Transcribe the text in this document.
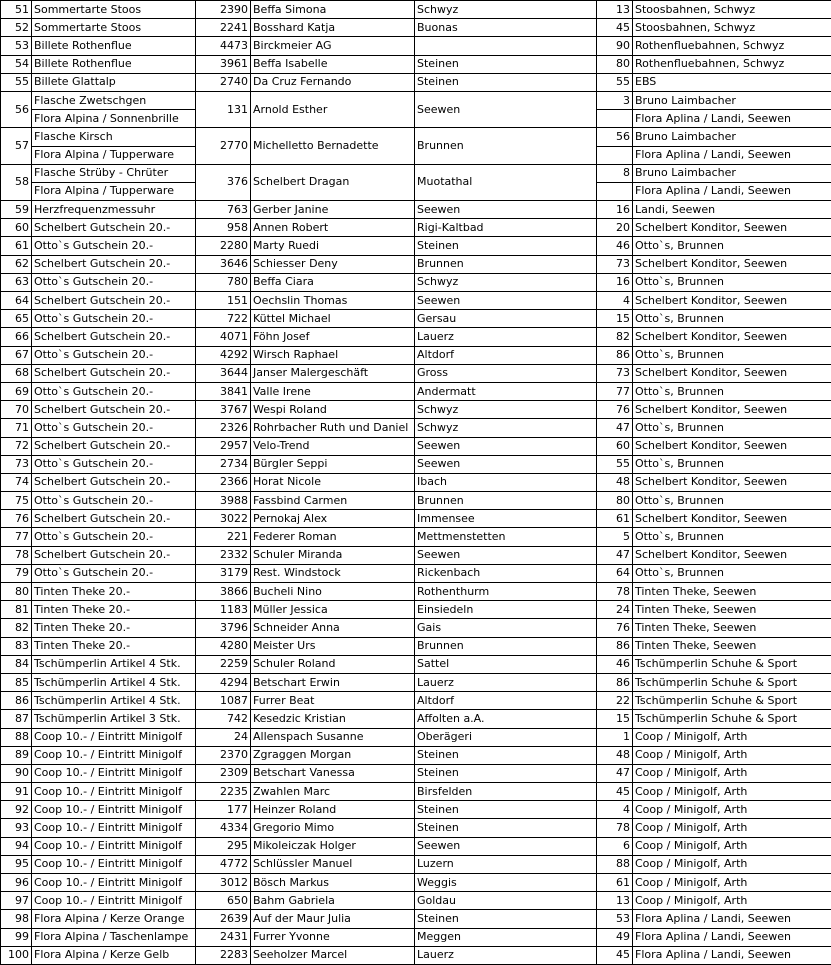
51	Sommertarte Stoos	2390	Beffa Simona	Schwyz	13	Stoosbahnen, Schwyz
52	Sommertarte Stoos	2241	Bosshard Katja	Buonas	45	Stoosbahnen, Schwyz
53	Billete Rothenflue	4473	Birckmeier AG		90	Rothenfluebahnen, Schwyz
54	Billete Rothenflue	3961	Beffa Isabelle	Steinen	80	Rothenfluebahnen, Schwyz
55	Billete Glattalp	2740	Da Cruz Fernando	Steinen	55	EBS
56	Flasche Zwetschgen	131	Arnold Esther	Seewen	3	Bruno Laimbacher
	Flora Alpina / Sonnenbrille					Flora Aplina / Landi, Seewen
57	Flasche Kirsch	2770	Michelletto Bernadette	Brunnen	56	Bruno Laimbacher
	Flora Alpina / Tupperware					Flora Aplina / Landi, Seewen
58	Flasche Strüby - Chrüter	376	Schelbert Dragan	Muotathal	8	Bruno Laimbacher
	Flora Alpina / Tupperware					Flora Aplina / Landi, Seewen
59	Herzfrequenzmessuhr	763	Gerber Janine	Seewen	16	Landi, Seewen
60	Schelbert Gutschein 20.-	958	Annen Robert	Rigi-Kaltbad	20	Schelbert Konditor, Seewen
61	Otto`s Gutschein 20.-	2280	Marty Ruedi	Steinen	46	Otto`s, Brunnen
62	Schelbert Gutschein 20.-	3646	Schiesser Deny	Brunnen	73	Schelbert Konditor, Seewen
63	Otto`s Gutschein 20.-	780	Beffa Ciara	Schwyz	16	Otto`s, Brunnen
64	Schelbert Gutschein 20.-	151	Oechslin Thomas	Seewen	4	Schelbert Konditor, Seewen
65	Otto`s Gutschein 20.-	722	Küttel Michael	Gersau	15	Otto`s, Brunnen
66	Schelbert Gutschein 20.-	4071	Föhn Josef	Lauerz	82	Schelbert Konditor, Seewen
67	Otto`s Gutschein 20.-	4292	Wirsch Raphael	Altdorf	86	Otto`s, Brunnen
68	Schelbert Gutschein 20.-	3644	Janser Malergeschäft	Gross	73	Schelbert Konditor, Seewen
69	Otto`s Gutschein 20.-	3841	Valle Irene	Andermatt	77	Otto`s, Brunnen
70	Schelbert Gutschein 20.-	3767	Wespi Roland	Schwyz	76	Schelbert Konditor, Seewen
71	Otto`s Gutschein 20.-	2326	Rohrbacher Ruth und Daniel	Schwyz	47	Otto`s, Brunnen
72	Schelbert Gutschein 20.-	2957	Velo-Trend	Seewen	60	Schelbert Konditor, Seewen
73	Otto`s Gutschein 20.-	2734	Bürgler Seppi	Seewen	55	Otto`s, Brunnen
74	Schelbert Gutschein 20.-	2366	Horat Nicole	Ibach	48	Schelbert Konditor, Seewen
75	Otto`s Gutschein 20.-	3988	Fassbind Carmen	Brunnen	80	Otto`s, Brunnen
76	Schelbert Gutschein 20.-	3022	Pernokaj Alex	Immensee	61	Schelbert Konditor, Seewen
77	Otto`s Gutschein 20.-	221	Federer Roman	Mettmenstetten	5	Otto`s, Brunnen
78	Schelbert Gutschein 20.-	2332	Schuler Miranda	Seewen	47	Schelbert Konditor, Seewen
79	Otto`s Gutschein 20.-	3179	Rest. Windstock	Rickenbach	64	Otto`s, Brunnen
80	Tinten Theke 20.-	3866	Bucheli Nino	Rothenthurm	78	Tinten Theke, Seewen
81	Tinten Theke 20.-	1183	Müller Jessica	Einsiedeln	24	Tinten Theke, Seewen
82	Tinten Theke 20.-	3796	Schneider Anna	Gais	76	Tinten Theke, Seewen
83	Tinten Theke 20.-	4280	Meister Urs	Brunnen	86	Tinten Theke, Seewen
84	Tschümperlin Artikel 4 Stk.	2259	Schuler Roland	Sattel	46	Tschümperlin Schuhe & Sport
85	Tschümperlin Artikel 4 Stk.	4294	Betschart Erwin	Lauerz	86	Tschümperlin Schuhe & Sport
86	Tschümperlin Artikel 4 Stk.	1087	Furrer Beat	Altdorf	22	Tschümperlin Schuhe & Sport
87	Tschümperlin Artikel 3 Stk.	742	Kesedzic Kristian	Affolten a.A.	15	Tschümperlin Schuhe & Sport
88	Coop 10.- / Eintritt Minigolf	24	Allenspach Susanne	Oberägeri	1	Coop / Minigolf, Arth
89	Coop 10.- / Eintritt Minigolf	2370	Zgraggen Morgan	Steinen	48	Coop / Minigolf, Arth
90	Coop 10.- / Eintritt Minigolf	2309	Betschart Vanessa	Steinen	47	Coop / Minigolf, Arth
91	Coop 10.- / Eintritt Minigolf	2235	Zwahlen Marc	Birsfelden	45	Coop / Minigolf, Arth
92	Coop 10.- / Eintritt Minigolf	177	Heinzer Roland	Steinen	4	Coop / Minigolf, Arth
93	Coop 10.- / Eintritt Minigolf	4334	Gregorio Mimo	Steinen	78	Coop / Minigolf, Arth
94	Coop 10.- / Eintritt Minigolf	295	Mikoleiczak Holger	Seewen	6	Coop / Minigolf, Arth
95	Coop 10.- / Eintritt Minigolf	4772	Schlüssler Manuel	Luzern	88	Coop / Minigolf, Arth
96	Coop 10.- / Eintritt Minigolf	3012	Bösch Markus	Weggis	61	Coop / Minigolf, Arth
97	Coop 10.- / Eintritt Minigolf	650	Bahm Gabriela	Goldau	13	Coop / Minigolf, Arth
98	Flora Alpina / Kerze Orange	2639	Auf der Maur Julia	Steinen	53	Flora Aplina / Landi, Seewen
99	Flora Alpina / Taschenlampe	2431	Furrer Yvonne	Meggen	49	Flora Aplina / Landi, Seewen
100	Flora Alpina / Kerze Gelb	2283	Seeholzer Marcel	Lauerz	45	Flora Aplina / Landi, Seewen
